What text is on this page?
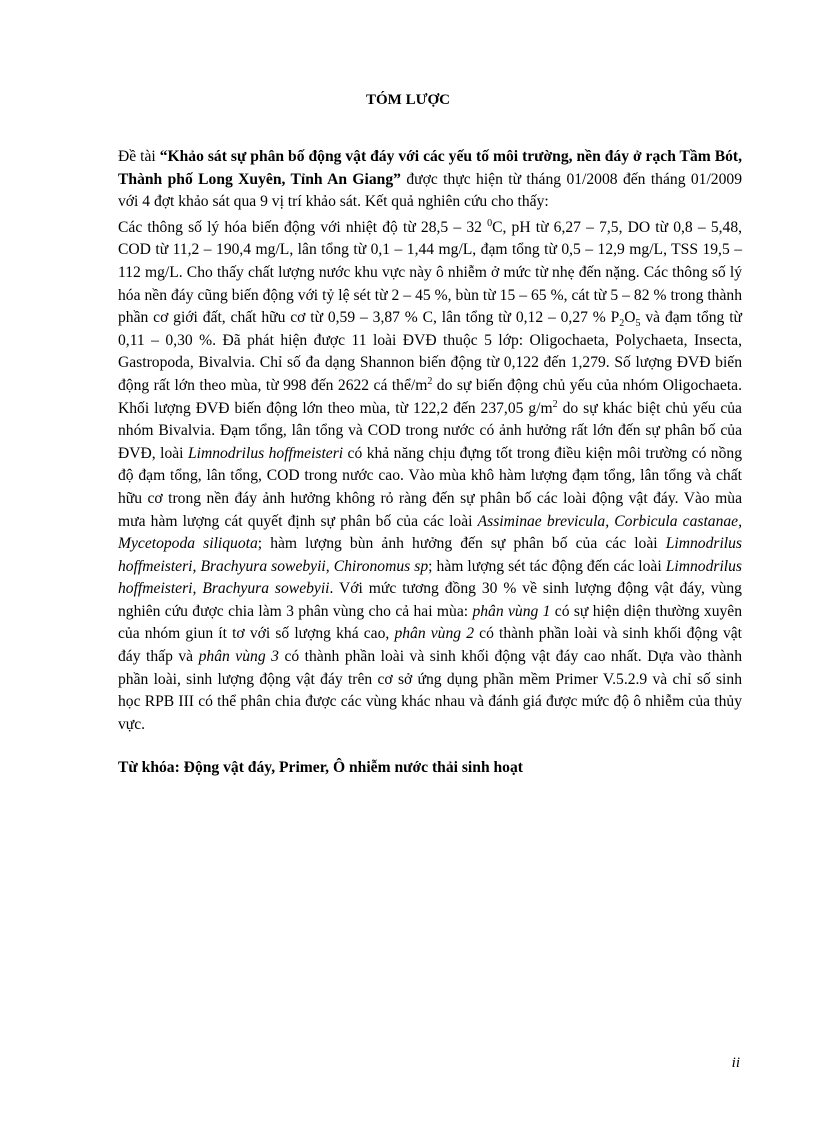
TÓM LƯỢC

Đề tài “Khảo sát sự phân bố động vật đáy với các yếu tố môi trường, nền đáy ở rạch Tầm Bót, Thành phố Long Xuyên, Tỉnh An Giang” được thực hiện từ tháng 01/2008 đến tháng 01/2009 với 4 đợt khảo sát qua 9 vị trí khảo sát. Kết quả nghiên cứu cho thấy:

Các thông số lý hóa biến động với nhiệt độ từ 28,5 – 32 $^0$C, pH từ 6,27 – 7,5, DO từ 0,8 – 5,48, COD từ 11,2 – 190,4 mg/L, lân tổng từ 0,1 – 1,44 mg/L, đạm tổng từ 0,5 – 12,9 mg/L, TSS 19,5 – 112 mg/L. Cho thấy chất lượng nước khu vực này ô nhiễm ở mức từ nhẹ đến nặng. Các thông số lý hóa nền đáy cũng biến động với tỷ lệ sét từ 2 – 45 %, bùn từ 15 – 65 %, cát từ 5 – 82 % trong thành phần cơ giới đất, chất hữu cơ từ 0,59 – 3,87 % C, lân tổng từ 0,12 – 0,27 % $P_2O_5$ và đạm tổng từ 0,11 – 0,30 %. Đã phát hiện được 11 loài ĐVĐ thuộc 5 lớp: Oligochaeta, Polychaeta, Insecta, Gastropoda, Bivalvia. Chỉ số đa dạng Shannon biến động từ 0,122 đến 1,279. Số lượng ĐVĐ biến động rất lớn theo mùa, từ 998 đến 2622 cá thể/$m^2$ do sự biến động chủ yếu của nhóm Oligochaeta. Khối lượng ĐVĐ biến động lớn theo mùa, từ 122,2 đến 237,05 $g/m^2$ do sự khác biệt chủ yếu của nhóm Bivalvia. Đạm tổng, lân tổng và COD trong nước có ảnh hưởng rất lớn đến sự phân bố của ĐVĐ, loài Limnodrilus hoffmeisteri có khả năng chịu đựng tốt trong điều kiện môi trường có nồng độ đạm tổng, lân tổng, COD trong nước cao. Vào mùa khô hàm lượng đạm tổng, lân tổng và chất hữu cơ trong nền đáy ảnh hưởng không rỏ ràng đến sự phân bố các loài động vật đáy. Vào mùa mưa hàm lượng cát quyết định sự phân bố của các loài Assiminae brevicula, Corbicula castanae, Mycetopoda siliquota; hàm lượng bùn ảnh hưởng đến sự phân bố của các loài Limnodrilus hoffmeisteri, Brachyura sowebyii, Chironomus sp; hàm lượng sét tác động đến các loài Limnodrilus hoffmeisteri, Brachyura sowebyii. Với mức tương đồng 30 % về sinh lượng động vật đáy, vùng nghiên cứu được chia làm 3 phân vùng cho cả hai mùa: phân vùng 1 có sự hiện diện thường xuyên của nhóm giun ít tơ với số lượng khá cao, phân vùng 2 có thành phần loài và sinh khối động vật đáy thấp và phân vùng 3 có thành phần loài và sinh khối động vật đáy cao nhất. Dựa vào thành phần loài, sinh lượng động vật đáy trên cơ sở ứng dụng phần mềm Primer V.5.2.9 và chỉ số sinh học RPB III có thể phân chia được các vùng khác nhau và đánh giá được mức độ ô nhiễm của thủy vực.

Từ khóa: Động vật đáy, Primer, Ô nhiễm nước thải sinh hoạt

ii
